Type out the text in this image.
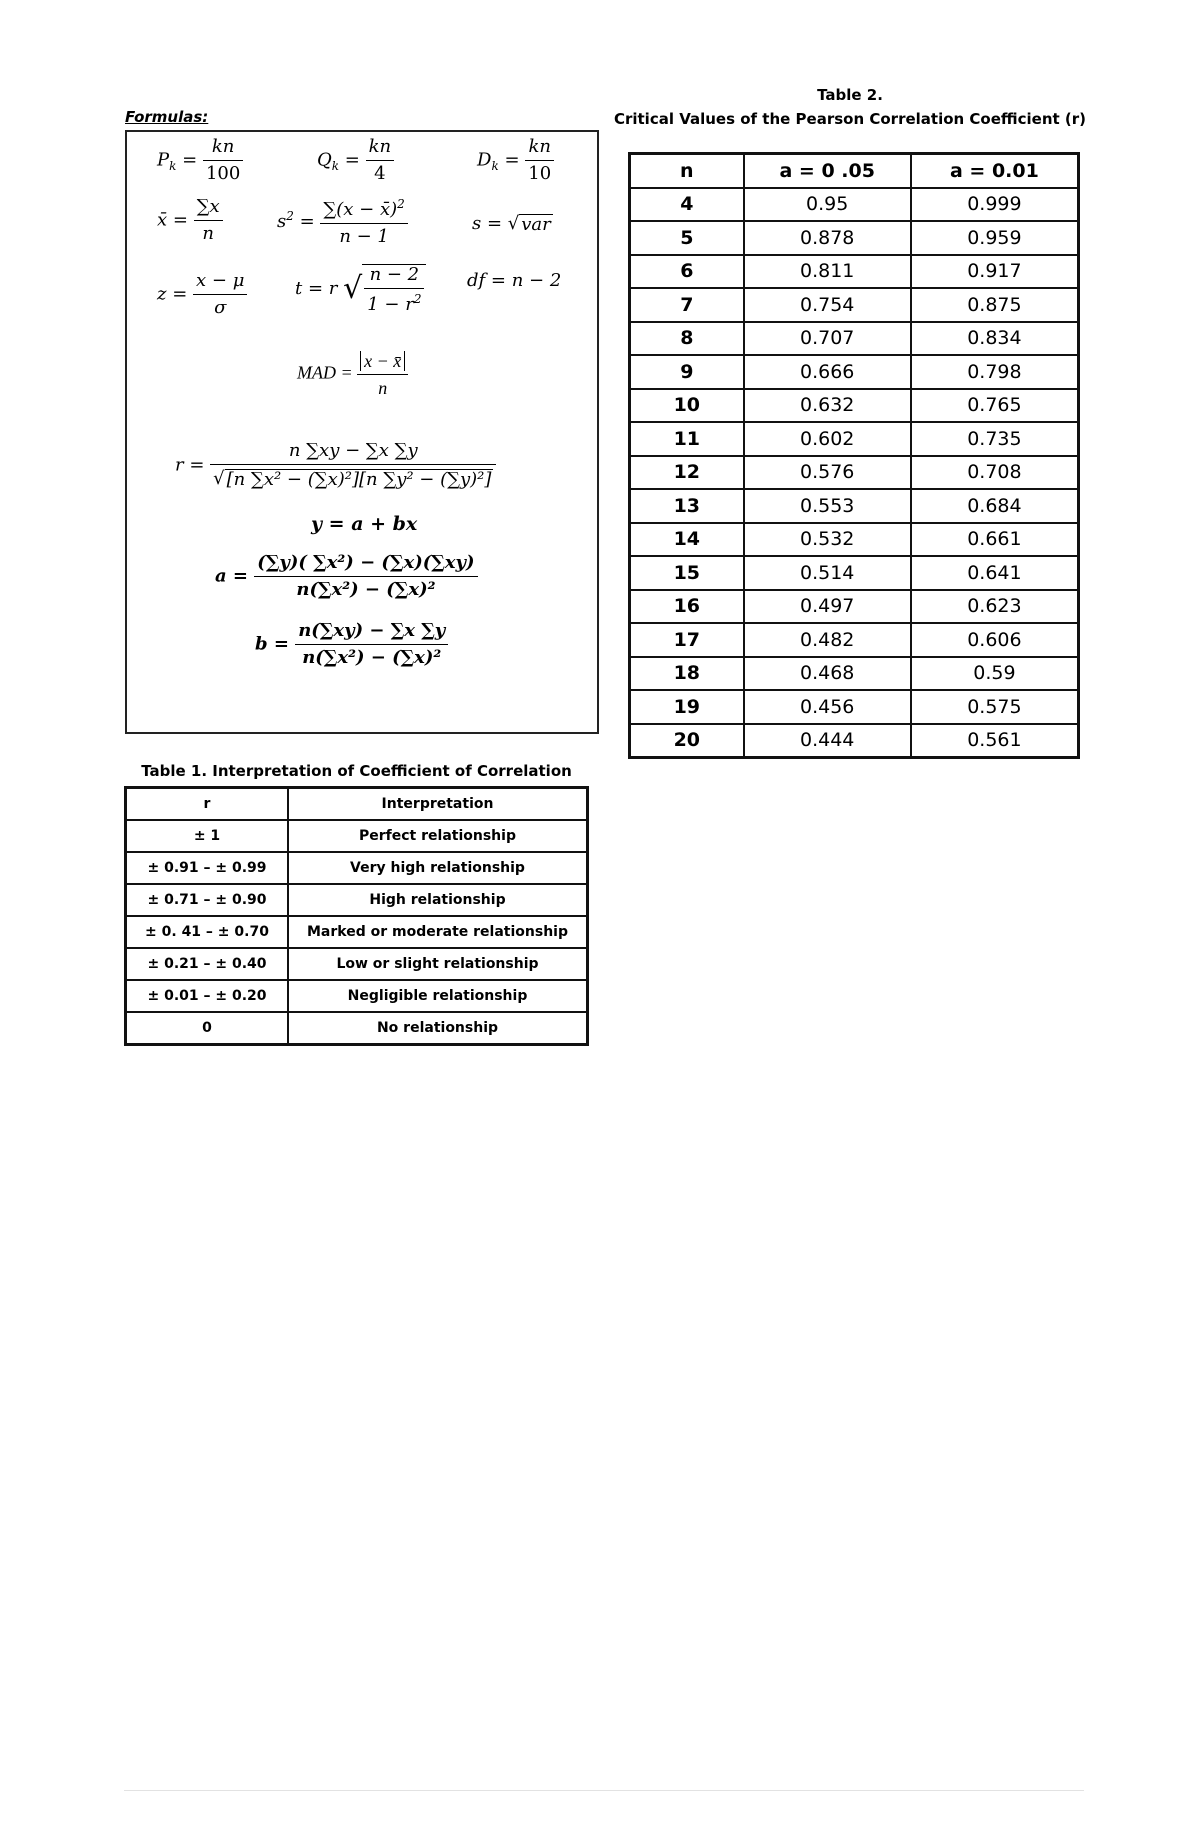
Formulas:
$P_k = \frac{kn}{100}$	$Q_k = \frac{kn}{4}$	$D_k = \frac{kn}{10}$
x̄ = $\frac{\sum x}{n}$	$s^2 = \frac{\sum(x - x̄)^2}{n - 1}$	s = √ var
$z = \frac{x - \mu}{\sigma}$	t = r √ $\frac{n - 2}{1 - r^2}$ df = n − 2
MAD = $\frac{x - x̄}{n}$
$r = \frac{n \sum xy - \sum x \sum y}{\text{√ [n ∑x² − (∑x)²][n ∑y² − (∑y)²]}}$
y = a + bx
$a = \frac{\text{(∑y)( ∑x²) − (∑x)(∑xy)}}{\text{n(∑x²) − (∑x)²}}$
$b = \frac{n(\sum xy) - \sum x \sum y}{\text{n(∑x²) − (∑x)²}}$
Table 1. Interpretation of Coefficient of Correlation
r	Interpretation
± 1	Perfect relationship
± 0.91 – ± 0.99	Very high relationship
± 0.71 – ± 0.90	High relationship
± 0. 41 – ± 0.70	Marked or moderate relationship
± 0.21 – ± 0.40	Low or slight relationship
± 0.01 – ± 0.20	Negligible relationship
0	No relationship
Table 2.
Critical Values of the Pearson Correlation Coefficient (r)
n	a = 0 .05	a = 0.01
4	0.95	0.999
5	0.878	0.959
6	0.811	0.917
7	0.754	0.875
8	0.707	0.834
9	0.666	0.798
10	0.632	0.765
11	0.602	0.735
12	0.576	0.708
13	0.553	0.684
14	0.532	0.661
15	0.514	0.641
16	0.497	0.623
17	0.482	0.606
18	0.468	0.59
19	0.456	0.575
20	0.444	0.561
